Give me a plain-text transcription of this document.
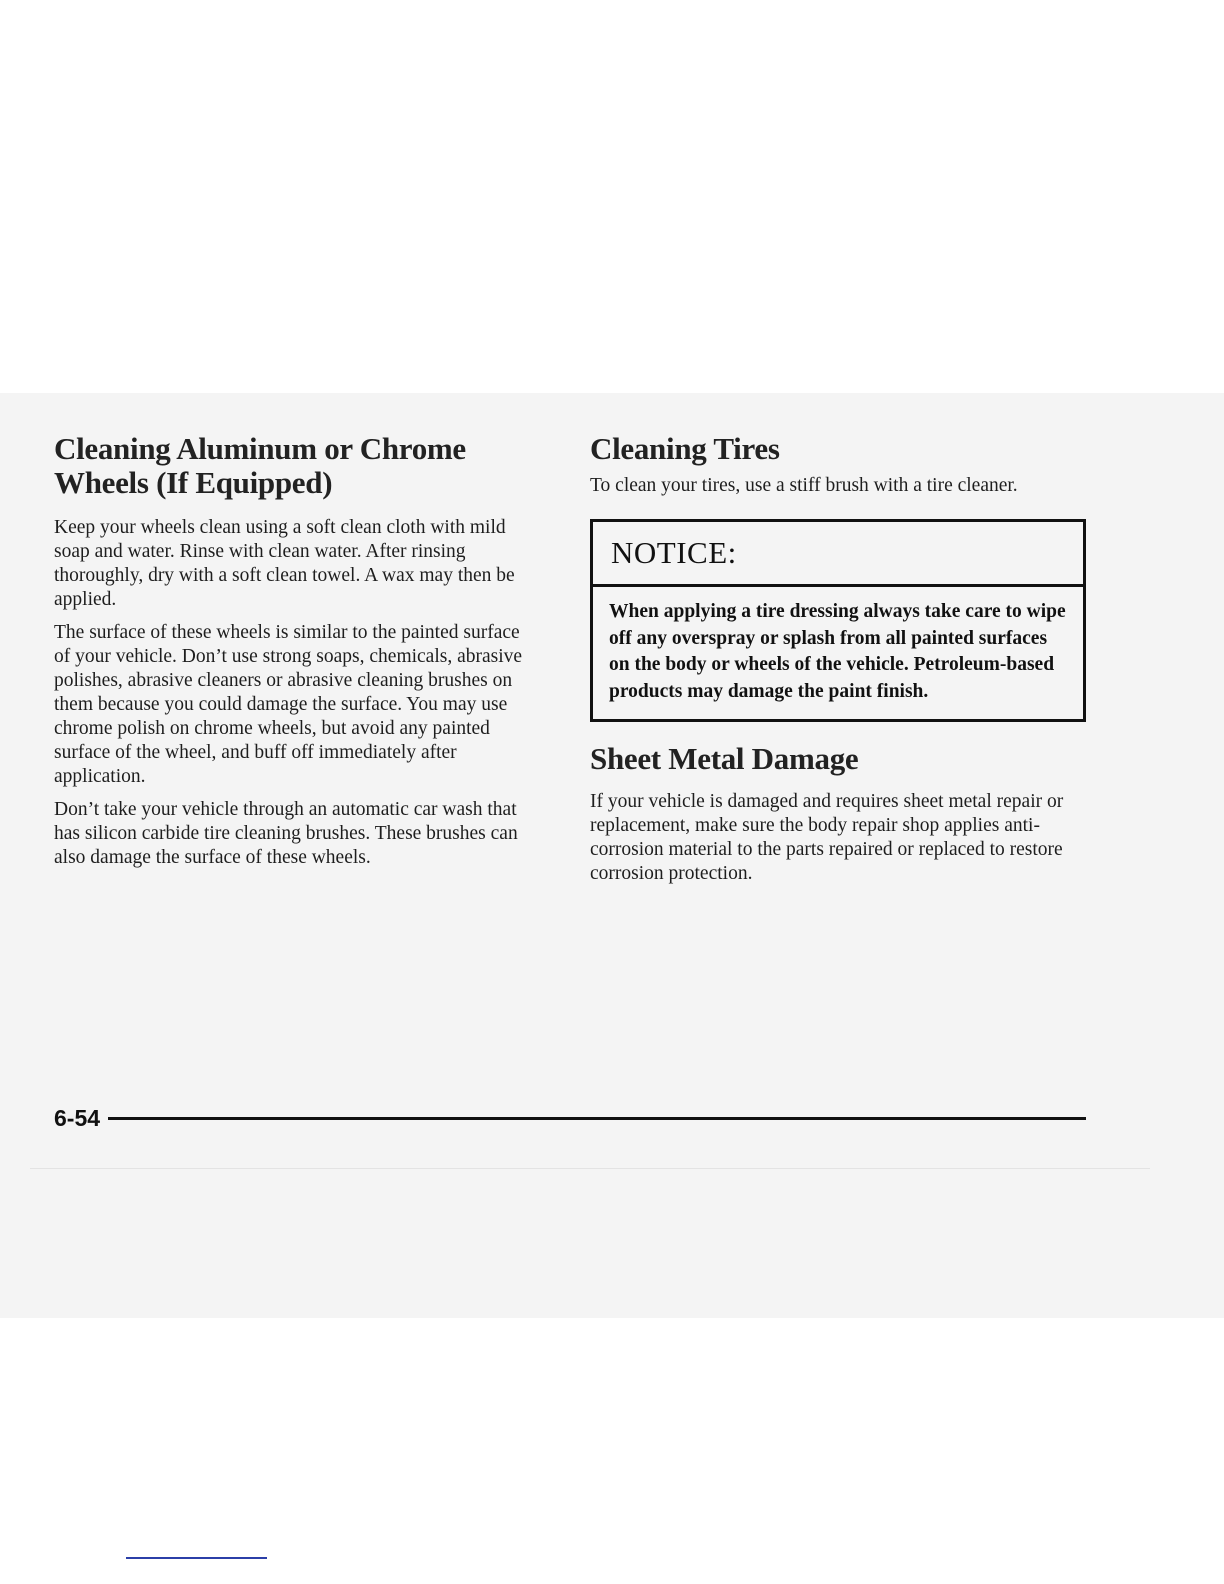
Cleaning Aluminum or Chrome Wheels (If Equipped)

Keep your wheels clean using a soft clean cloth with mild soap and water. Rinse with clean water. After rinsing thoroughly, dry with a soft clean towel. A wax may then be applied.

The surface of these wheels is similar to the painted surface of your vehicle. Don’t use strong soaps, chemicals, abrasive polishes, abrasive cleaners or abrasive cleaning brushes on them because you could damage the surface. You may use chrome polish on chrome wheels, but avoid any painted surface of the wheel, and buff off immediately after application.

Don’t take your vehicle through an automatic car wash that has silicon carbide tire cleaning brushes. These brushes can also damage the surface of these wheels.

Cleaning Tires

To clean your tires, use a stiff brush with a tire cleaner.

NOTICE:
When applying a tire dressing always take care to wipe off any overspray or splash from all painted surfaces on the body or wheels of the vehicle. Petroleum-based products may damage the paint finish.
Sheet Metal Damage

If your vehicle is damaged and requires sheet metal repair or replacement, make sure the body repair shop applies anti-corrosion material to the parts repaired or replaced to restore corrosion protection.

6-54
